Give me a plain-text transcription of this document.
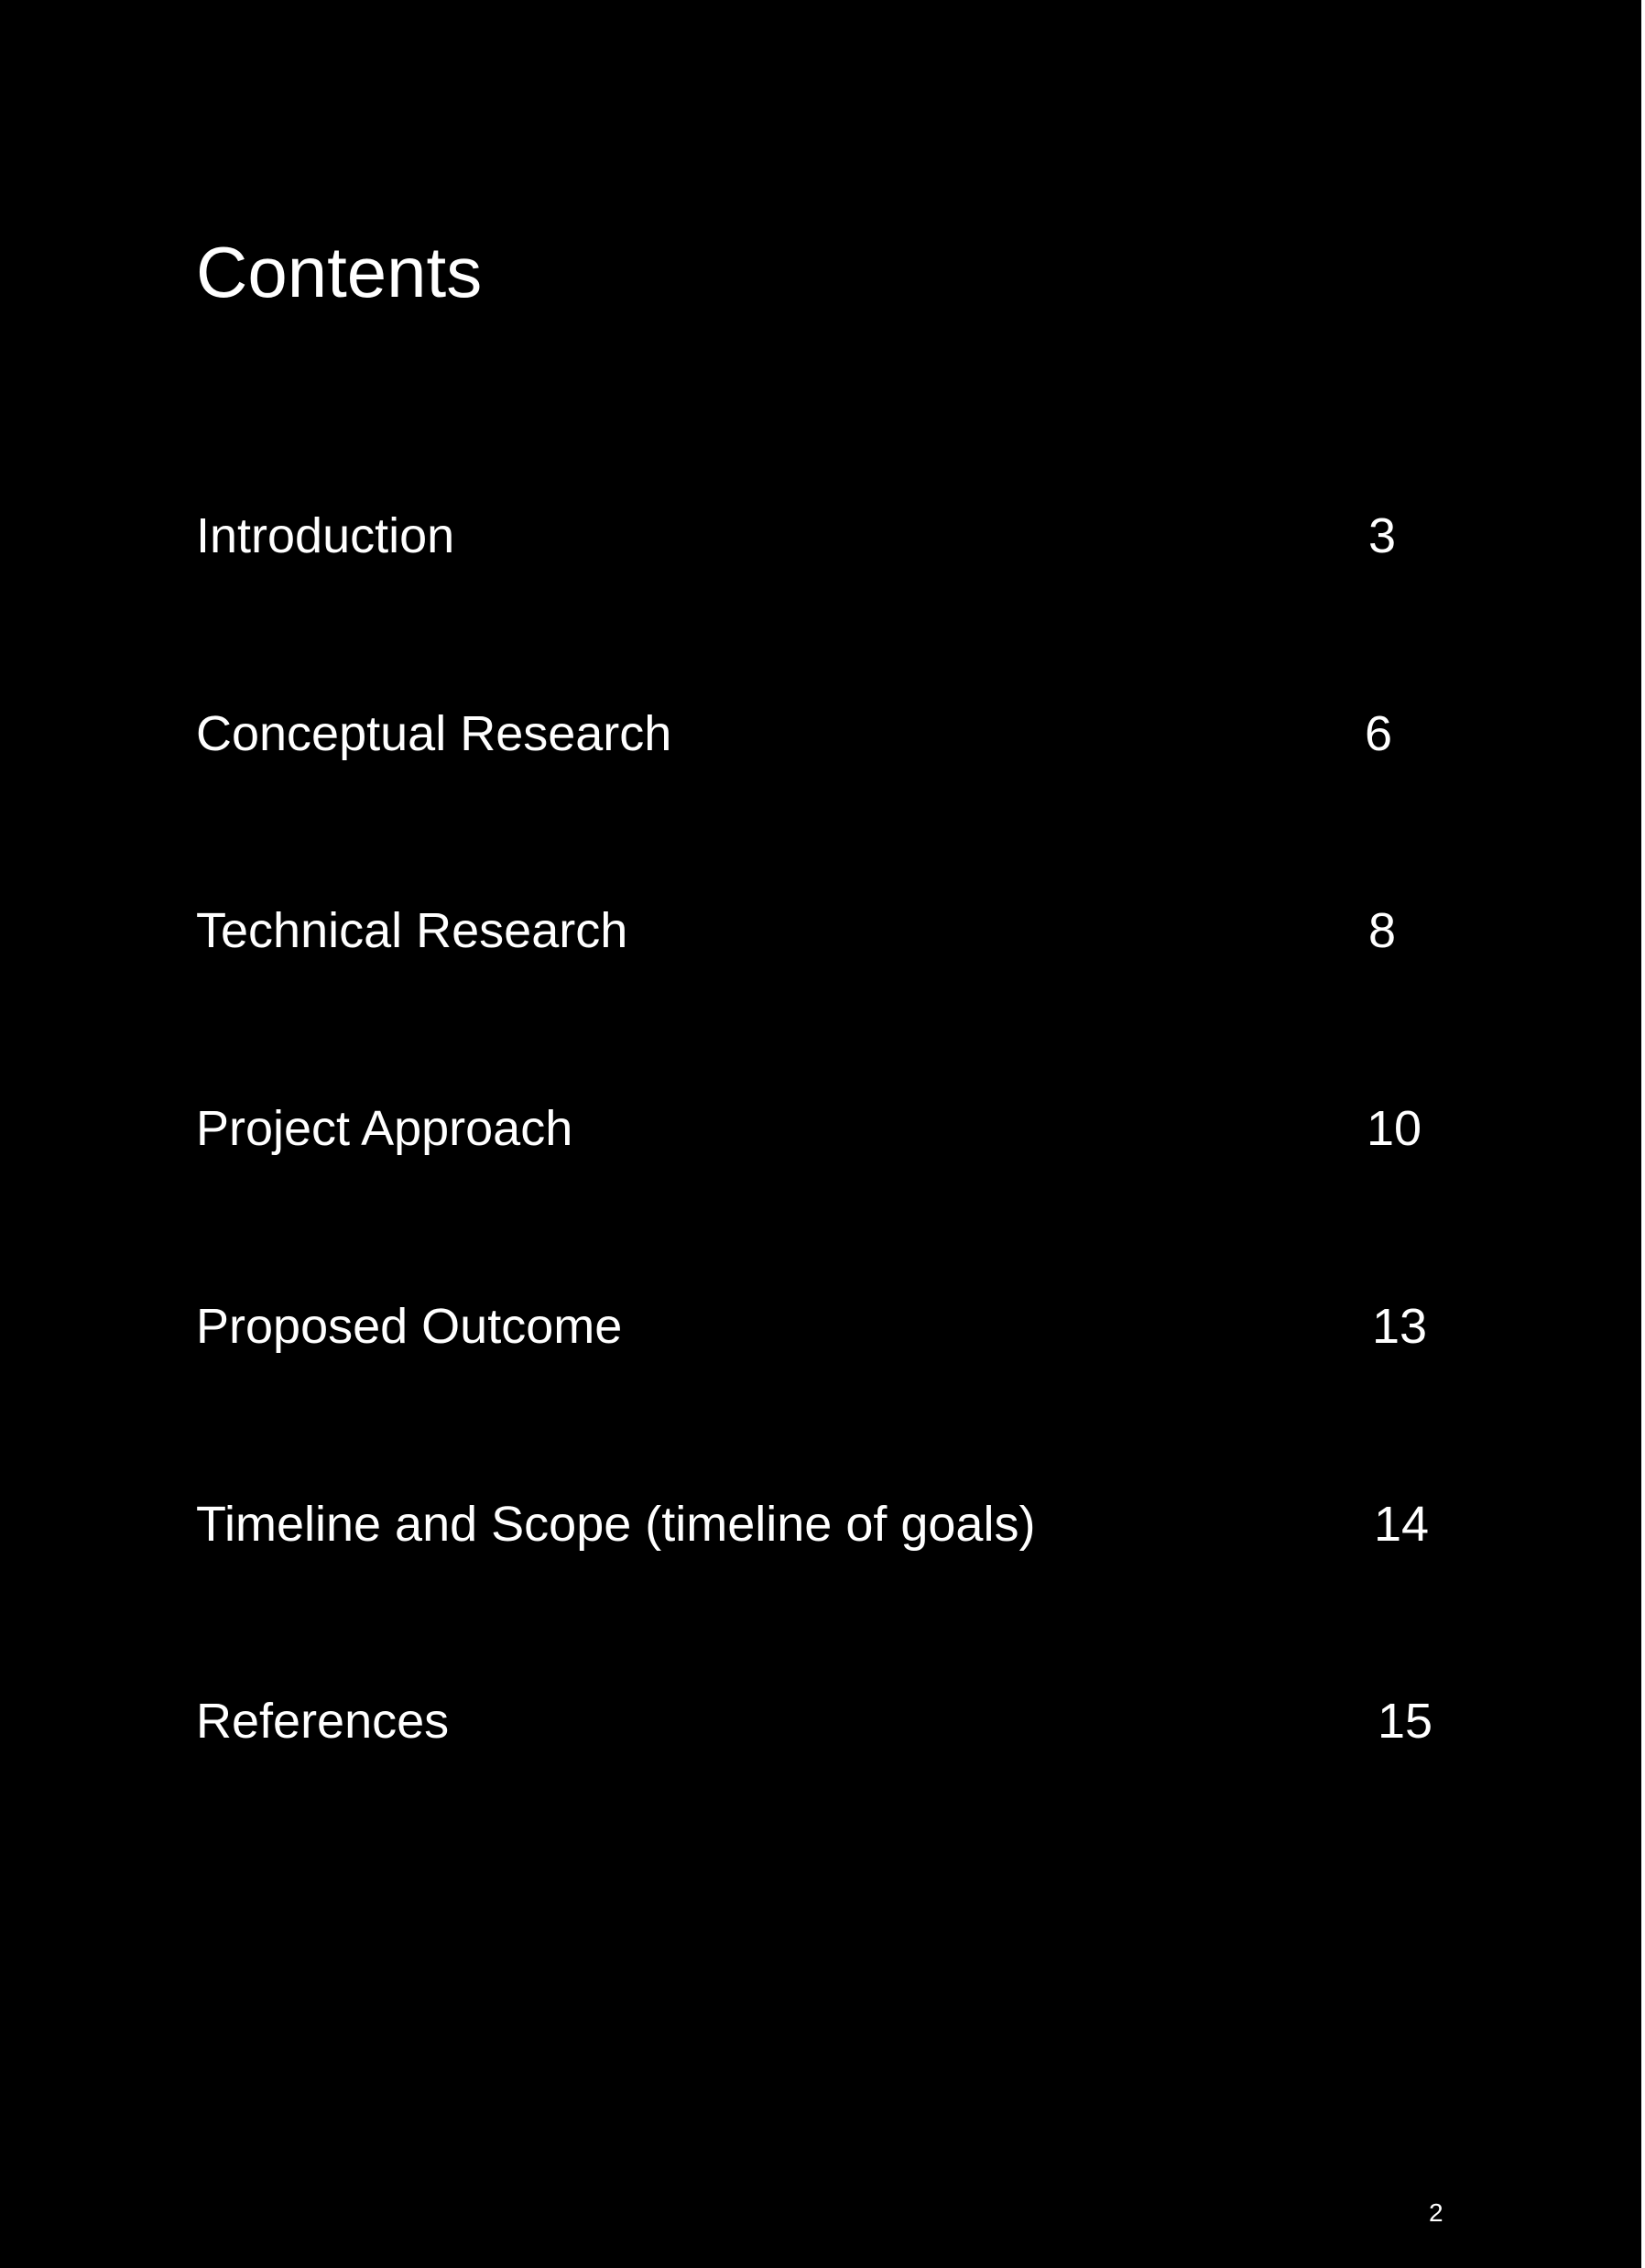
Contents
Introduction	3
Conceptual Research	6
Technical Research	8
Project Approach	10
Proposed Outcome	13
Timeline and Scope (timeline of goals)	14
References	15
2
